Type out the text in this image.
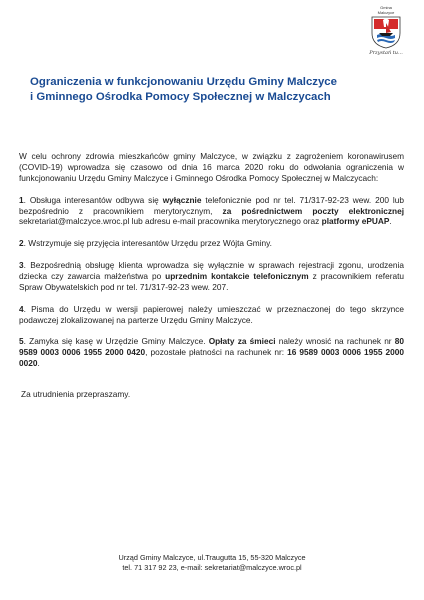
Gmina
Malczyce
Przystań tu...
Ograniczenia w funkcjonowaniu Urzędu Gminy Malczyce
i Gminnego Ośrodka Pomocy Społecznej w Malczycach

W celu ochrony zdrowia mieszkańców gminy Malczyce, w związku z zagrożeniem koronawirusem (COVID-19) wprowadza się czasowo od dnia 16 marca 2020 roku do odwołania ograniczenia w funkcjonowaniu Urzędu Gminy Malczyce i Gminnego Ośrodka Pomocy Społecznej w Malczycach:

1. Obsługa interesantów odbywa się wyłącznie telefonicznie pod nr tel. 71/317-92-23 wew. 200 lub bezpośrednio z pracownikiem merytorycznym, za pośrednictwem poczty elektronicznej sekretariat@malczyce.wroc.pl lub adresu e-mail pracownika merytorycznego oraz platformy ePUAP.

2. Wstrzymuje się przyjęcia interesantów Urzędu przez Wójta Gminy.

3. Bezpośrednią obsługę klienta wprowadza się wyłącznie w sprawach rejestracji zgonu, urodzenia dziecka czy zawarcia małżeństwa po uprzednim kontakcie telefonicznym z pracownikiem referatu Spraw Obywatelskich pod nr tel. 71/317-92-23 wew. 207.

4. Pisma do Urzędu w wersji papierowej należy umieszczać w przeznaczonej do tego skrzynce podawczej zlokalizowanej na parterze Urzędu Gminy Malczyce.

5. Zamyka się kasę w Urzędzie Gminy Malczyce. Opłaty za śmieci należy wnosić na rachunek nr 80 9589 0003 0006 1955 2000 0420, pozostałe płatności na rachunek nr: 16 9589 0003 0006 1955 2000 0020.

Za utrudnienia przepraszamy.

Urząd Gminy Malczyce, ul.Traugutta 15, 55-320 Malczyce
tel. 71 317 92 23, e-mail: sekretariat@malczyce.wroc.pl
